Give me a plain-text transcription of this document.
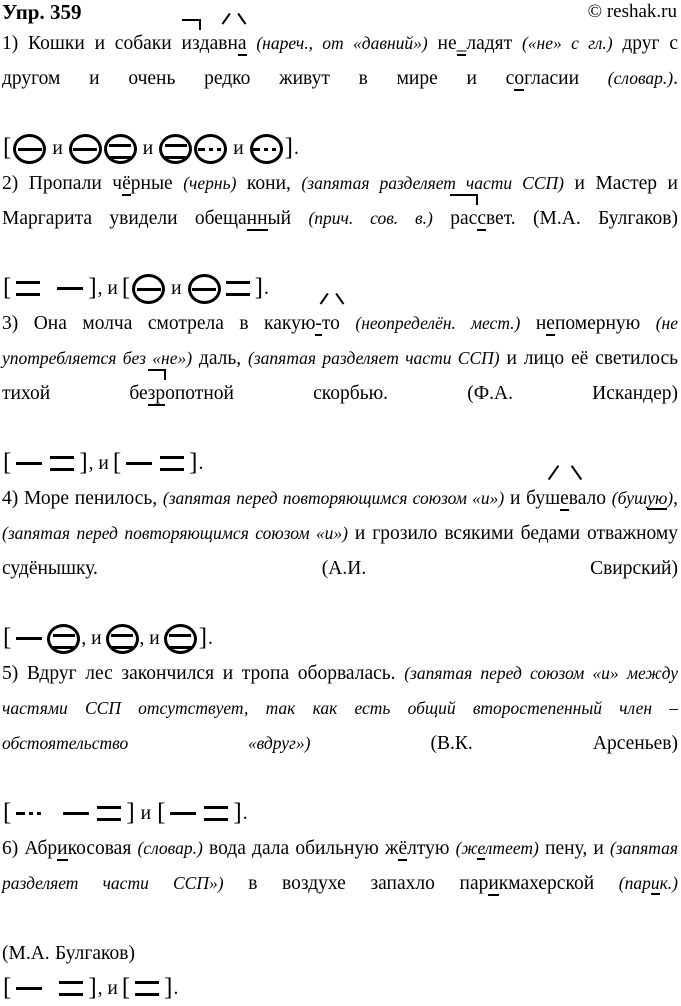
Упр. 359	© reshak.ru
1) Кошки и собаки издавна (нареч., от «давний») не_ладят («не» с гл.) друг с другом и очень редко живут в мире и согласии (словар.).
[ и	и	и ] .
2) Пропали чёрные (чернь) кони, (запятая разделяет части ССП) и Мастер и Маргарита увидели обещанный (прич. сов. в.) рассвет. (М.А. Булгаков)
[	] , и [ и	] .
3) Она молча смотрела в какую-то (неопределён. мест.) непомерную (не употребляется без «не») даль, (запятая разделяет части ССП) и лицо её светилось тихой безропотной скорбью. (Ф.А. Искандер)
[	] , и [	] .
4) Море пенилось, (запятая перед повторяющимся союзом «и») и бушевало (бушую), (запятая перед повторяющимся союзом «и») и грозило всякими бедами отважному судёнышку. (А.И. Свирский)
[	, и , и ] .
5) Вдруг лес закончился и тропа оборвалась. (запятая перед союзом «и» между частями ССП отсутствует, так как есть общий второстепенный член – обстоятельство «вдруг») (В.К. Арсеньев)
[	] и [	] .
6) Абрикосовая (словар.) вода дала обильную жёлтую (желтеет) пену, и (запятая разделяет части ССП») в воздухе запахло парикмахерской (парик.)
(М.А. Булгаков)
[	] , и [ ] .
